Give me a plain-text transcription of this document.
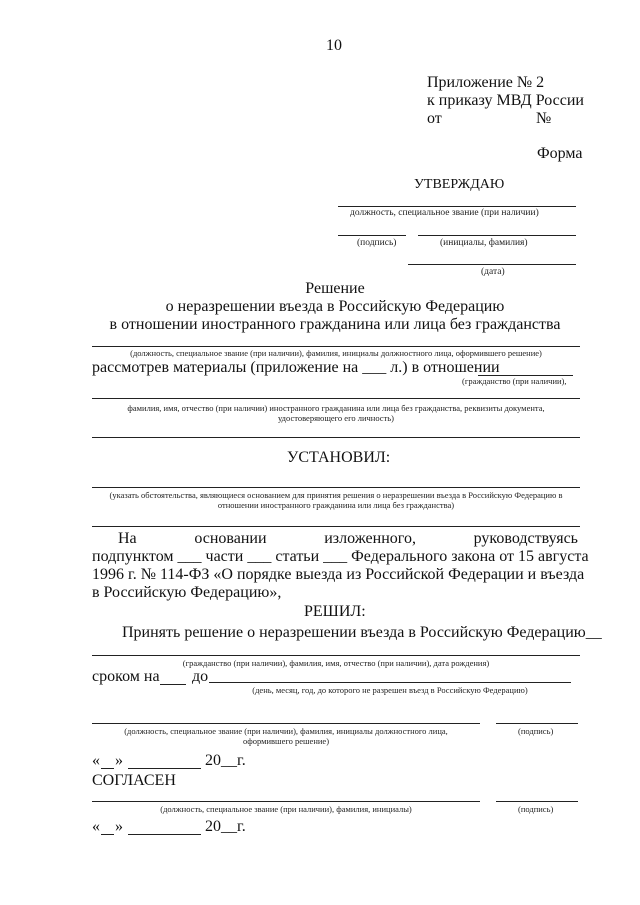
10
Приложение № 2
к приказу МВД России
от	№
Форма
УТВЕРЖДАЮ
должность, специальное звание (при наличии)
(подпись)	(инициалы, фамилия)
(дата)
Решение
о неразрешении въезда в Российскую Федерацию
в отношении иностранного гражданина или лица без гражданства
(должность, специальное звание (при наличии), фамилия, инициалы должностного лица, оформившего решение)
рассмотрев материалы (приложение на ___ л.) в отношении
(гражданство (при наличии),
фамилия, имя, отчество (при наличии) иностранного гражданина или лица без гражданства, реквизиты документа,
удостоверяющего его личность)
УСТАНОВИЛ:
(указать обстоятельства, являющиеся основанием для принятия решения о неразрешении въезда в Российскую Федерацию в
отношении иностранного гражданина или лица без гражданства)
На	основании	изложенного,	руководствуясь
подпунктом ___ части ___ статьи ___ Федерального закона от 15 августа
1996 г. № 114-ФЗ «О порядке выезда из Российской Федерации и въезда
в Российскую Федерацию»,
РЕШИЛ:
Принять решение о неразрешении въезда в Российскую Федерацию__
(гражданство (при наличии), фамилия, имя, отчество (при наличии), дата рождения)
сроком на до
(день, месяц, год, до которого не разрешен въезд в Российскую Федерацию)
(должность, специальное звание (при наличии), фамилия, инициалы должностного лица,
оформившего решение)
(подпись)
« »	20__г.
СОГЛАСЕН
(должность, специальное звание (при наличии), фамилия, инициалы)	(подпись)
« »	20__г.
